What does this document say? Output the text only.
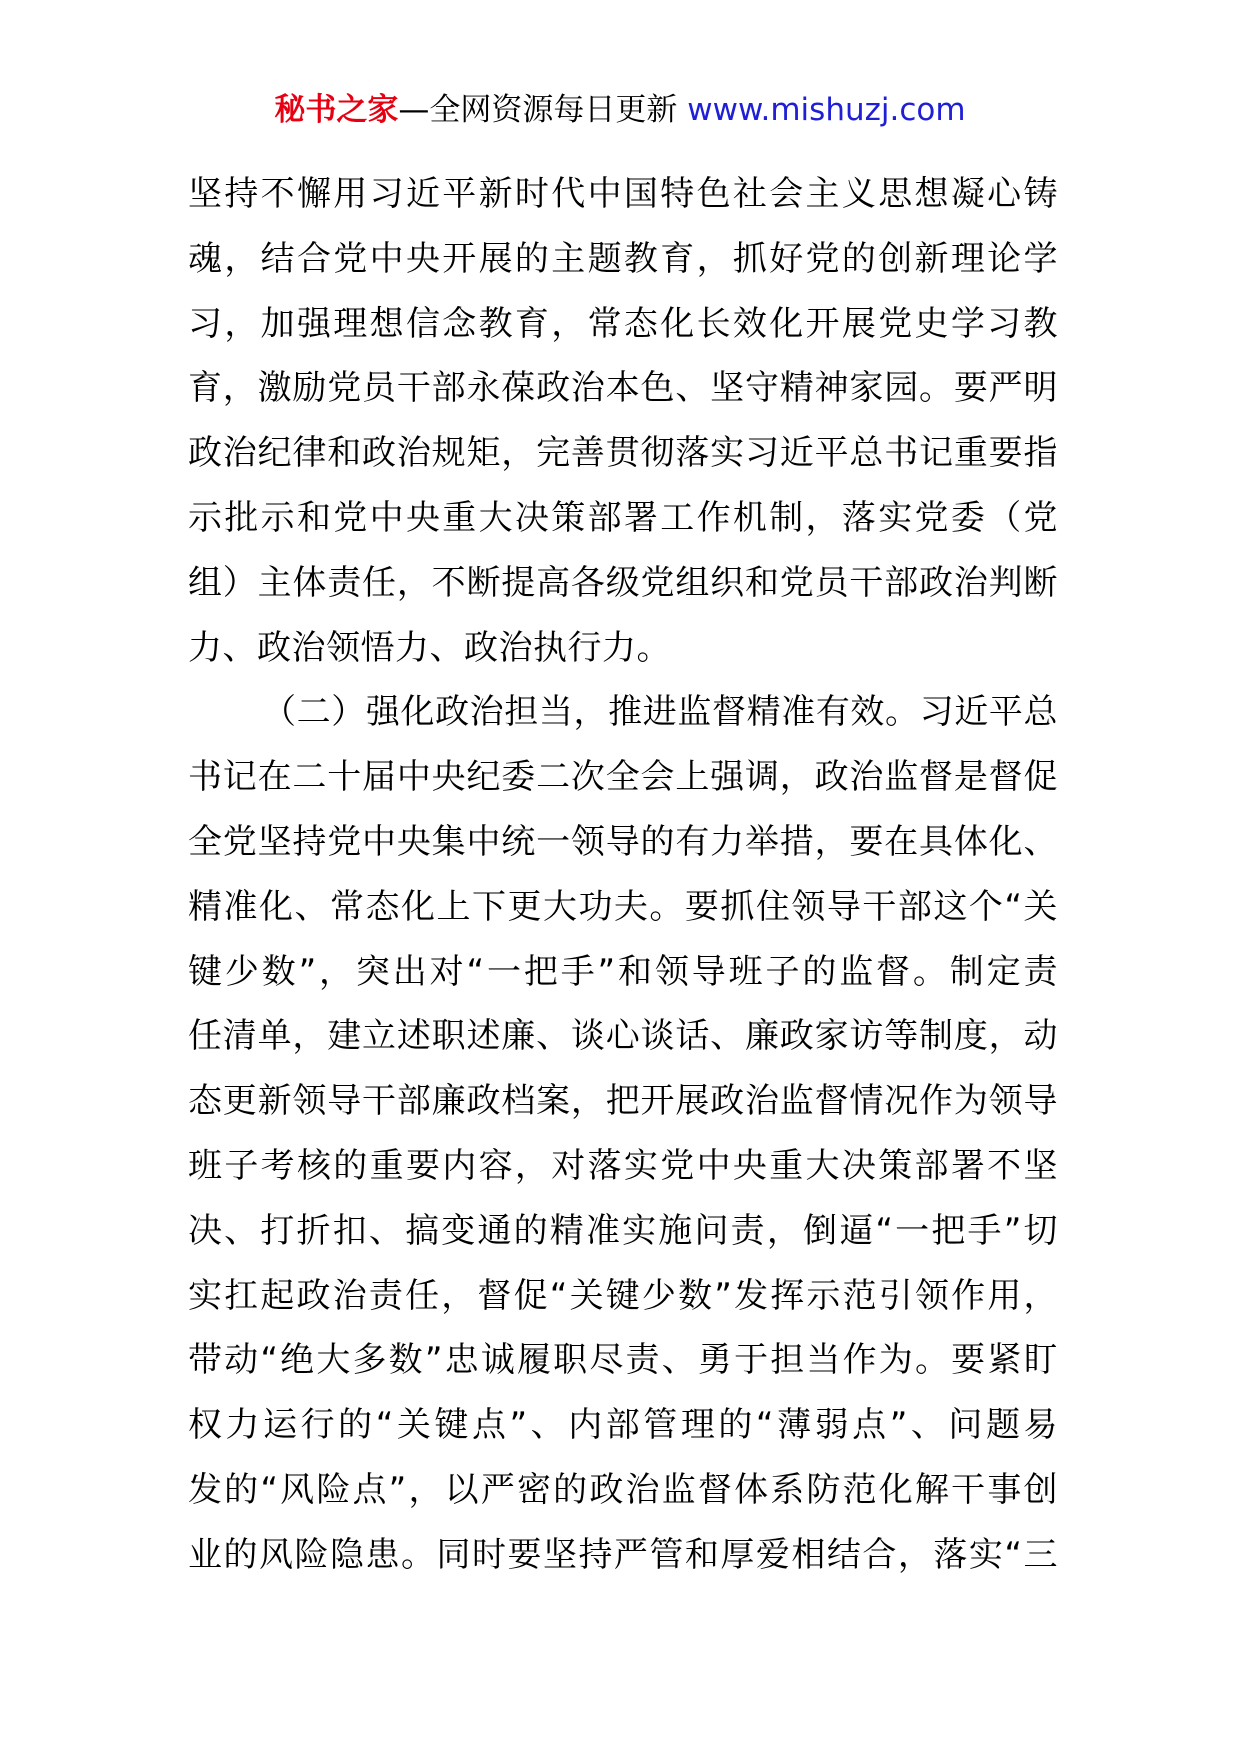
秘书之家—全网资源每日更新 www.mishuzj.com
坚持不懈用习近平新时代中国特色社会主义思想凝心铸
魂，结合党中央开展的主题教育，抓好党的创新理论学
习，加强理想信念教育，常态化长效化开展党史学习教
育，激励党员干部永葆政治本色、坚守精神家园。要严明
政治纪律和政治规矩，完善贯彻落实习近平总书记重要指
示批示和党中央重大决策部署工作机制，落实党委（党
组）主体责任，不断提高各级党组织和党员干部政治判断
力、政治领悟力、政治执行力。
（二）强化政治担当，推进监督精准有效。习近平总
书记在二十届中央纪委二次全会上强调，政治监督是督促
全党坚持党中央集中统一领导的有力举措，要在具体化、
精准化、常态化上下更大功夫。要抓住领导干部这个“关
键少数”，突出对“一把手”和领导班子的监督。制定责
任清单，建立述职述廉、谈心谈话、廉政家访等制度，动
态更新领导干部廉政档案，把开展政治监督情况作为领导
班子考核的重要内容，对落实党中央重大决策部署不坚
决、打折扣、搞变通的精准实施问责，倒逼“一把手”切
实扛起政治责任，督促“关键少数”发挥示范引领作用，
带动“绝大多数”忠诚履职尽责、勇于担当作为。要紧盯
权力运行的“关键点”、内部管理的“薄弱点”、问题易
发的“风险点”，以严密的政治监督体系防范化解干事创
业的风险隐患。同时要坚持严管和厚爱相结合，落实“三
